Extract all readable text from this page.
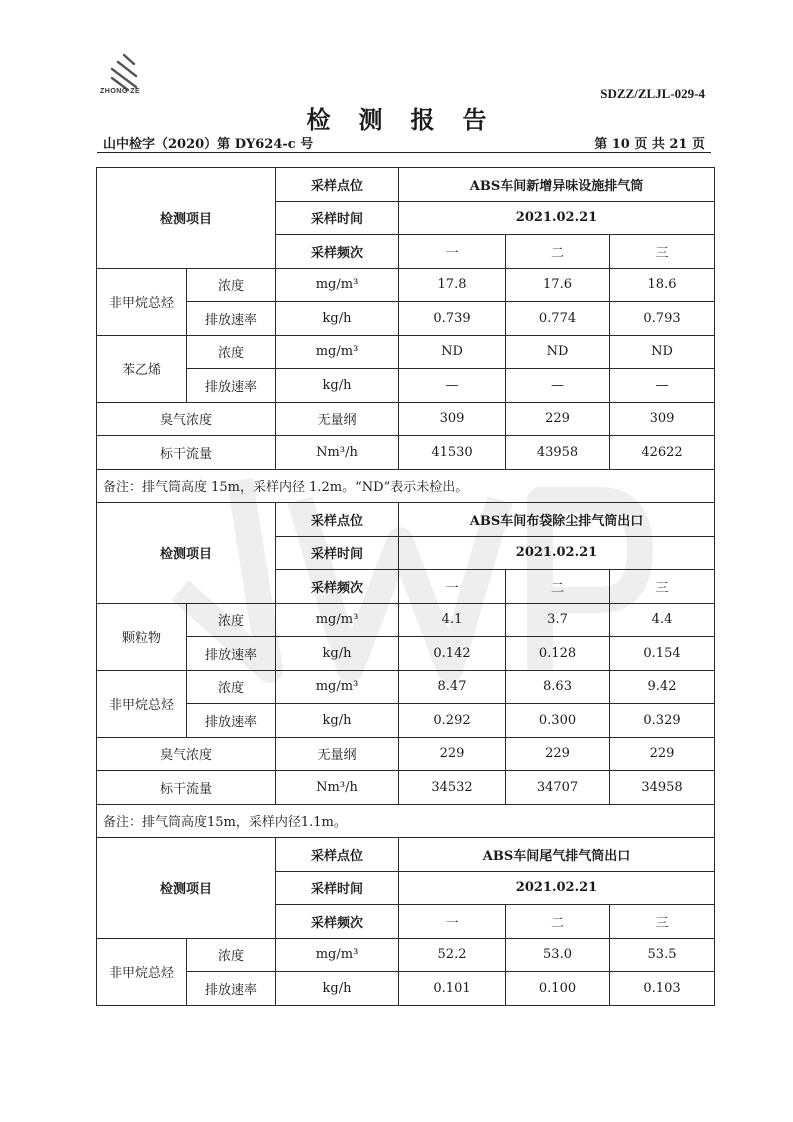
ZHONG ZE	SDZZ/ZLJL-029-4
检测报告
山中检字（2020）第 DY624-c 号	第 10 页 共 21 页
检测项目		采样点位	ABS车间新增异味设施排气筒		
		采样时间	2021.02.21		
		采样频次	一	二	三
非甲烷总烃	浓度	mg/m³	17.8	17.6	18.6
	排放速率	kg/h	0.739	0.774	0.793
苯乙烯	浓度	mg/m³	ND	ND	ND
	排放速率	kg/h	—	—	—
臭气浓度		无量纲	309	229	309
标干流量		Nm³/h	41530	43958	42622
备注：排气筒高度 15m，采样内径 1.2m。“ND”表示未检出。					
检测项目		采样点位	ABS车间布袋除尘排气筒出口		
		采样时间	2021.02.21		
		采样频次	一	二	三
颗粒物	浓度	mg/m³	4.1	3.7	4.4
	排放速率	kg/h	0.142	0.128	0.154
非甲烷总烃	浓度	mg/m³	8.47	8.63	9.42
	排放速率	kg/h	0.292	0.300	0.329
臭气浓度		无量纲	229	229	229
标干流量		Nm³/h	34532	34707	34958
备注：排气筒高度15m，采样内径1.1m。					
检测项目		采样点位	ABS车间尾气排气筒出口		
		采样时间	2021.02.21		
		采样频次	一	二	三
非甲烷总烃	浓度	mg/m³	52.2	53.0	53.5
	排放速率	kg/h	0.101	0.100	0.103
